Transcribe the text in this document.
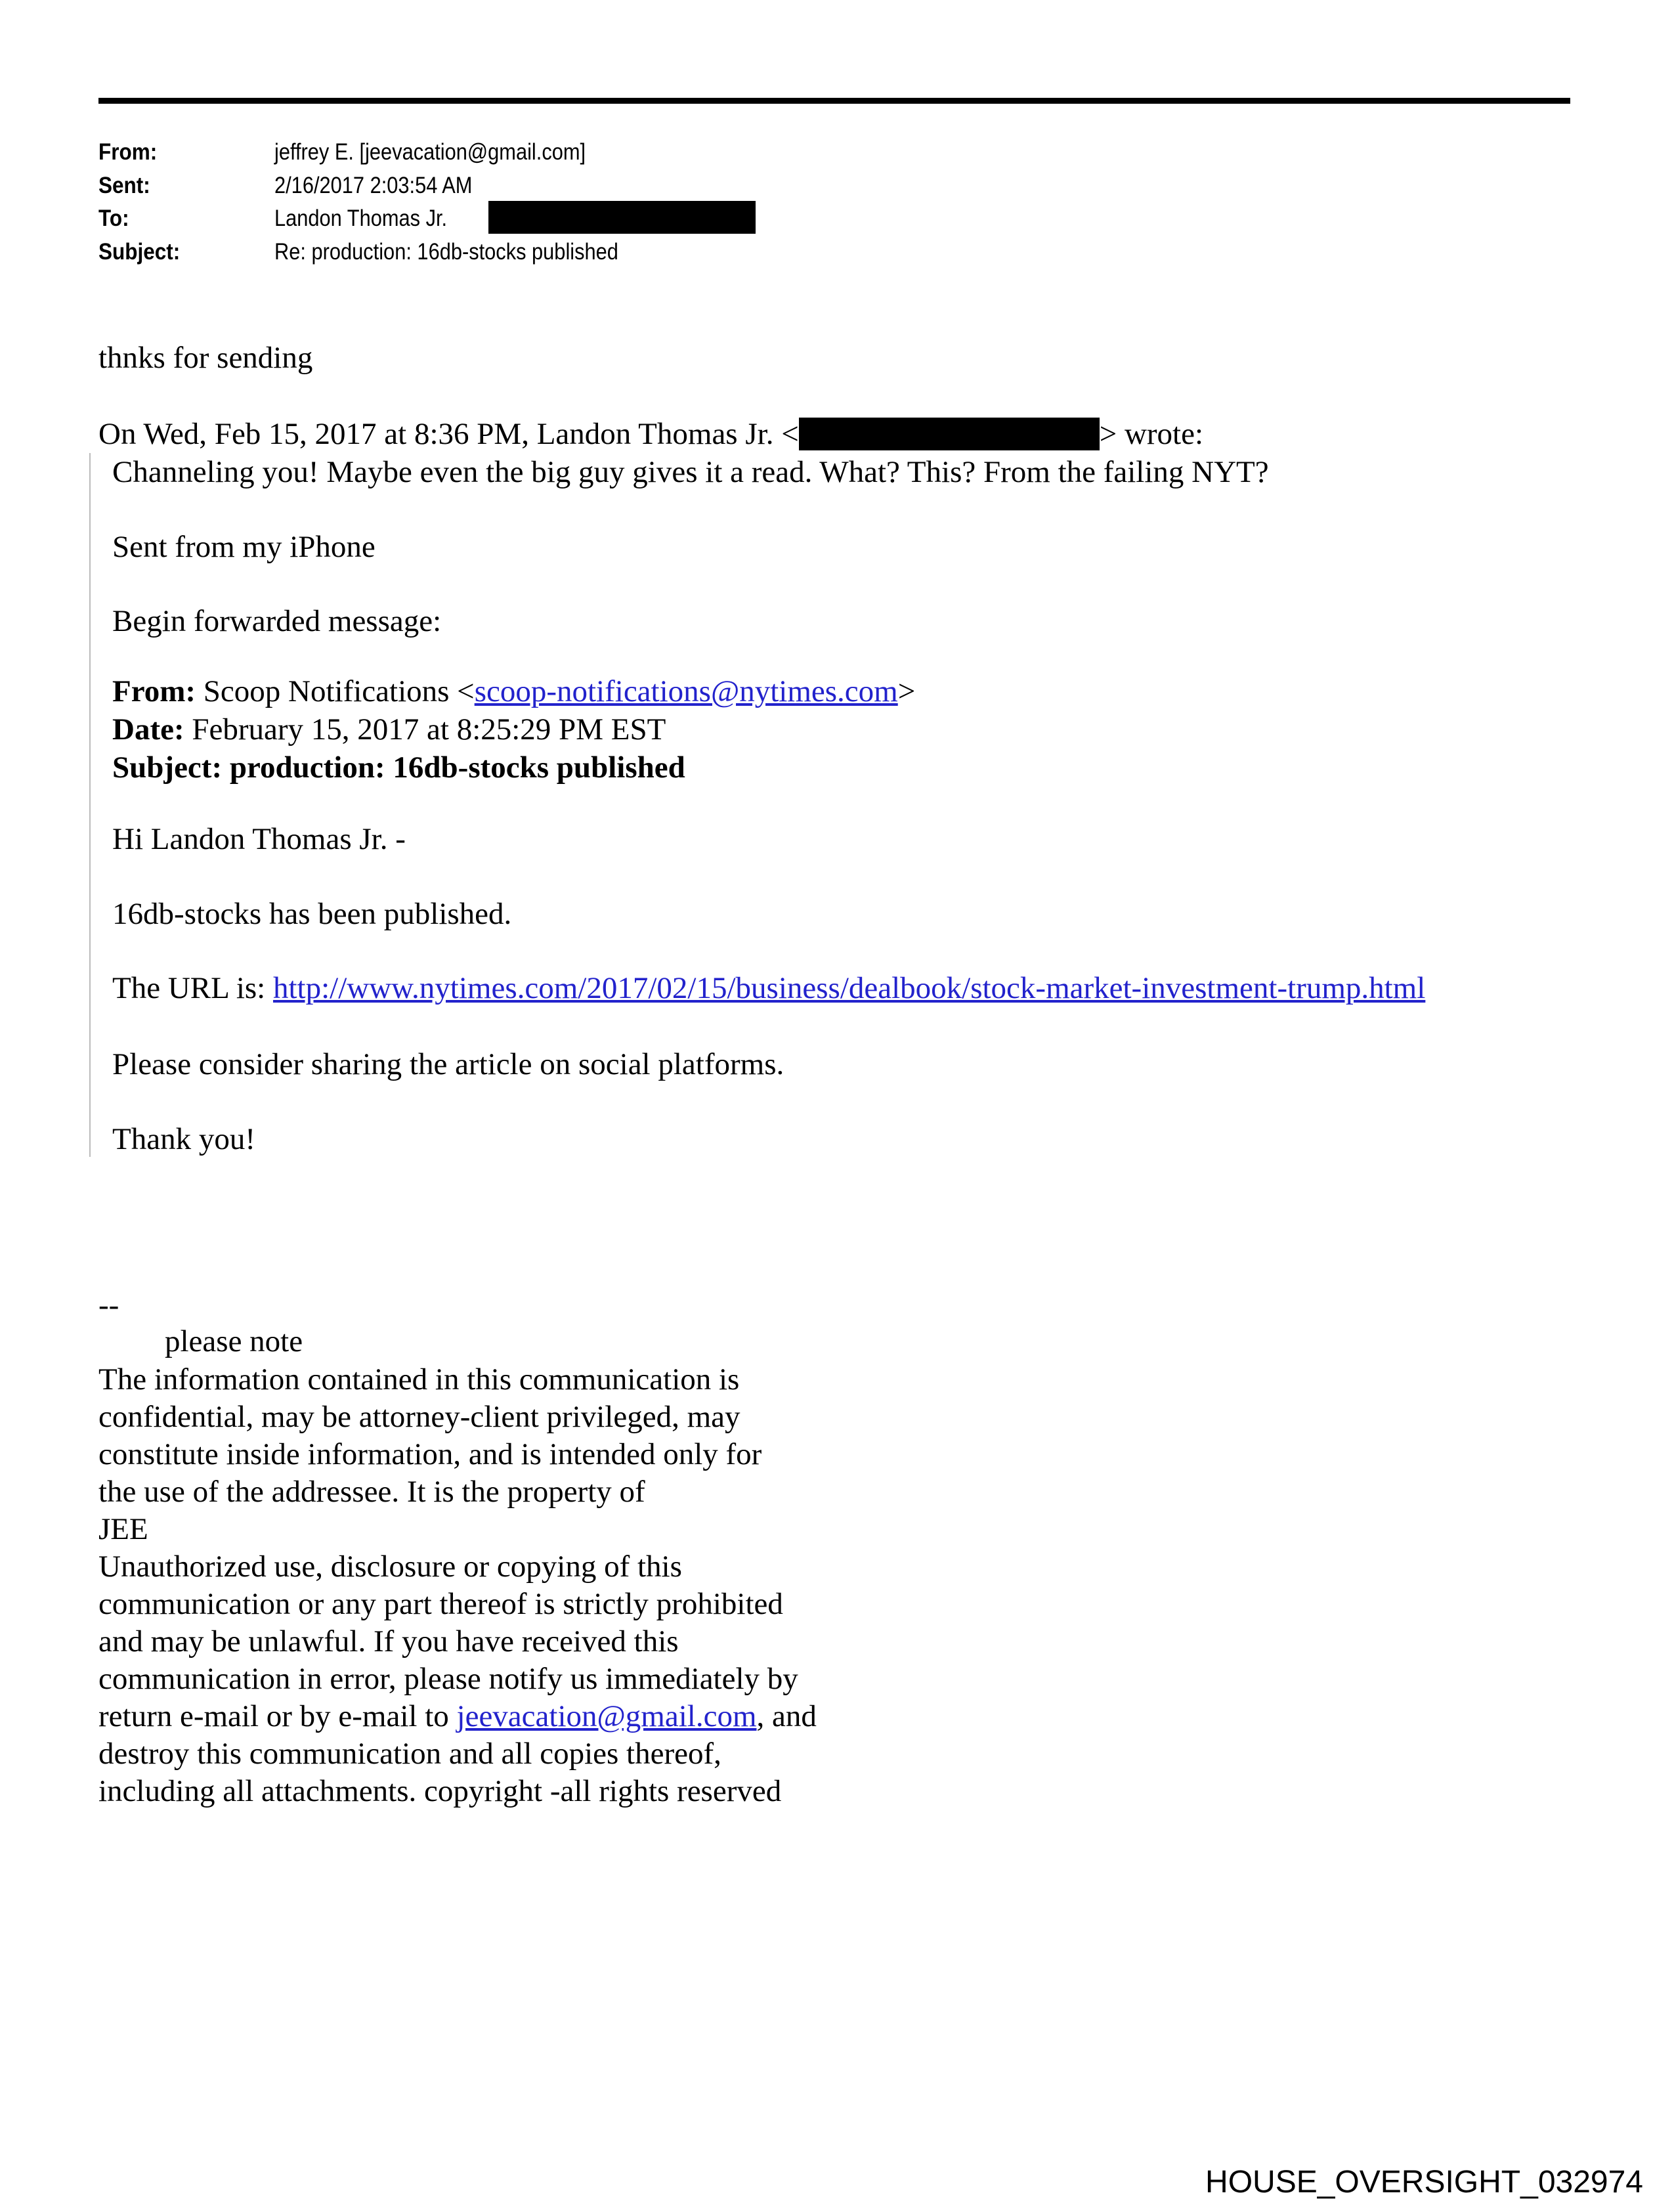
From:	jeffrey E. [jeevacation@gmail.com]
Sent:	2/16/2017 2:03:54 AM
To:	Landon Thomas Jr.
Subject:	Re: production: 16db-stocks published
thnks for sending
On Wed, Feb 15, 2017 at 8:36 PM, Landon Thomas Jr. <	> wrote:
Channeling you! Maybe even the big guy gives it a read. What? This? From the failing NYT?
Sent from my iPhone
Begin forwarded message:
From: Scoop Notifications <scoop-notifications@nytimes.com>
Date: February 15, 2017 at 8:25:29 PM EST
Subject: production: 16db-stocks published
Hi Landon Thomas Jr. -
16db-stocks has been published.
The URL is: http://www.nytimes.com/2017/02/15/business/dealbook/stock-market-investment-trump.html
Please consider sharing the article on social platforms.
Thank you!
--
please note
The information contained in this communication is
confidential, may be attorney-client privileged, may
constitute inside information, and is intended only for
the use of the addressee. It is the property of
JEE
Unauthorized use, disclosure or copying of this
communication or any part thereof is strictly prohibited
and may be unlawful. If you have received this
communication in error, please notify us immediately by
return e-mail or by e-mail to jeevacation@gmail.com, and
destroy this communication and all copies thereof,
including all attachments. copyright -all rights reserved
HOUSE_OVERSIGHT_032974
